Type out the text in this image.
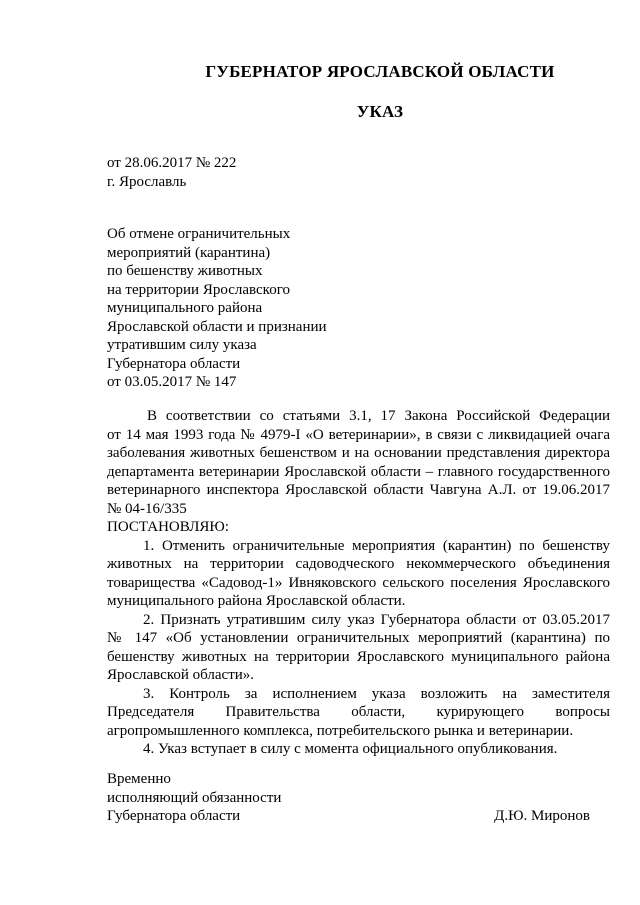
ГУБЕРНАТОР ЯРОСЛАВСКОЙ ОБЛАСТИ
УКАЗ
от 28.06.2017 № 222
г. Ярославль
Об отмене ограничительных
мероприятий (карантина)
по бешенству животных
на территории Ярославского
муниципального района
Ярославской области и признании
утратившим силу указа
Губернатора области
от 03.05.2017 № 147
В соответствии со статьями 3.1, 17 Закона Российской Федерации
от 14 мая 1993 года № 4979-I «О ветеринарии», в связи с ликвидацией очага
заболевания животных бешенством и на основании представления директора
департамента ветеринарии Ярославской области – главного государственного
ветеринарного инспектора Ярославской области Чавгуна А.Л. от 19.06.2017
№ 04-16/335
ПОСТАНОВЛЯЮ:
1. Отменить ограничительные мероприятия (карантин) по бешенству
животных на территории садоводческого некоммерческого объединения
товарищества «Садовод-1» Ивняковского сельского поселения Ярославского
муниципального района Ярославской области.
2. Признать утратившим силу указ Губернатора области от 03.05.2017
№ 147 «Об установлении ограничительных мероприятий (карантина) по
бешенству животных на территории Ярославского муниципального района
Ярославской области».
3. Контроль за исполнением указа возложить на заместителя
Председателя Правительства области, курирующего вопросы
агропромышленного комплекса, потребительского рынка и ветеринарии.
4. Указ вступает в силу с момента официального опубликования.
Временно
исполняющий обязанности
Губернатора области	Д.Ю. Миронов
